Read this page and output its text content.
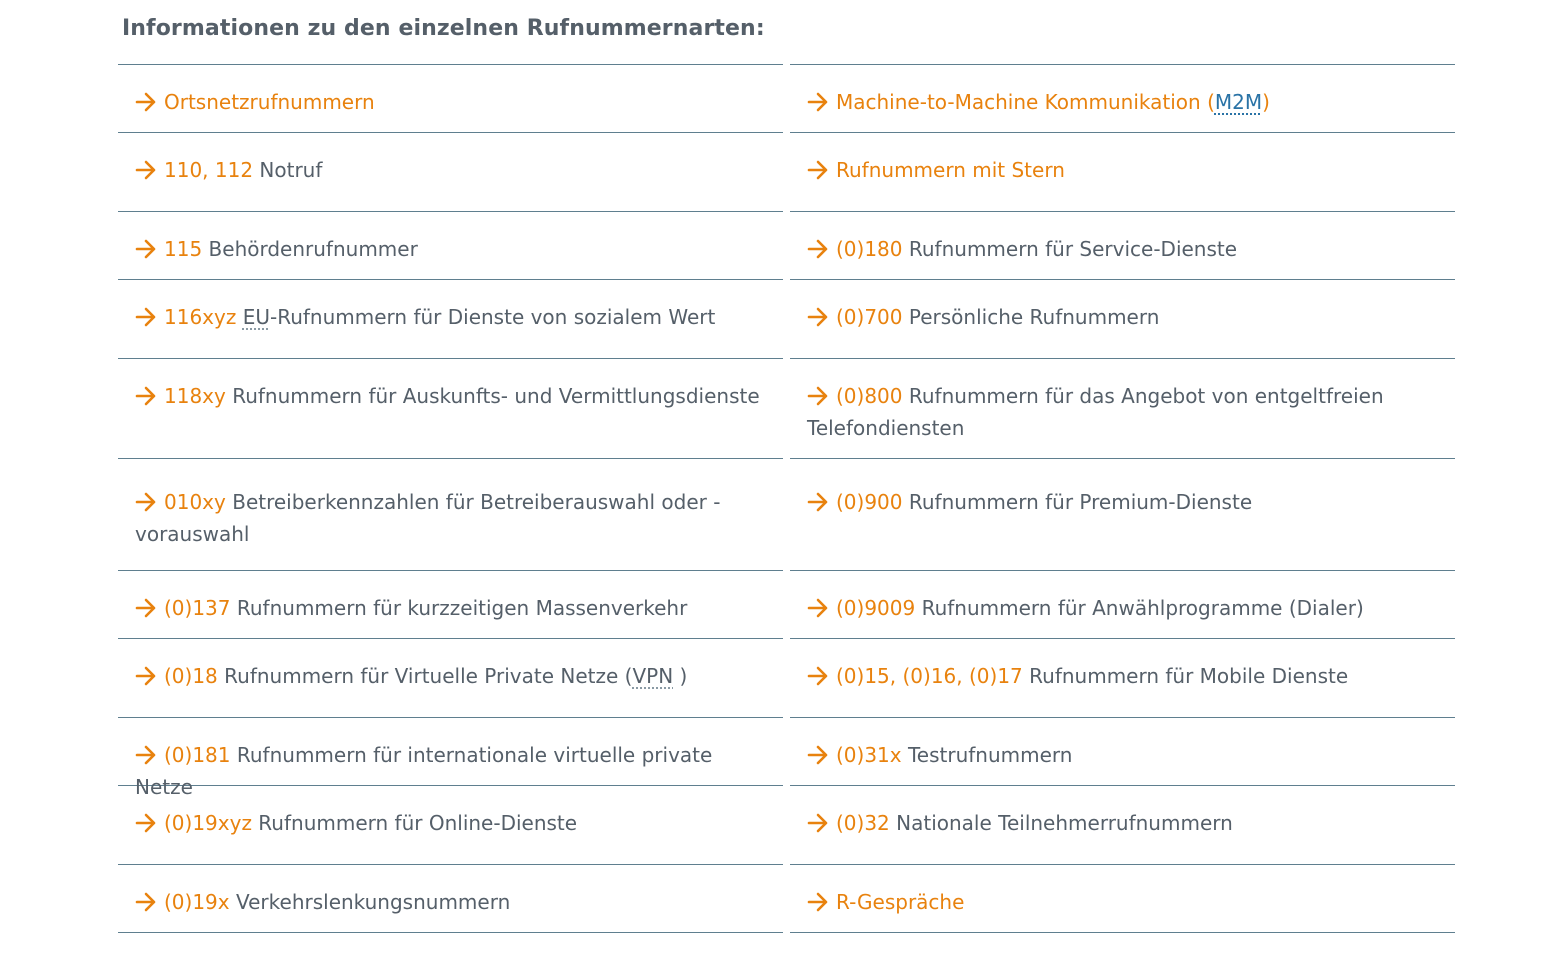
Informationen zu den einzelnen Rufnummernarten:
Ortsnetzrufnummern
110, 112 Notruf
115 Behördenrufnummer
116xyz EU-Rufnummern für Dienste von sozialem Wert
118xy Rufnummern für Auskunfts- und Vermittlungsdienste
010xy Betreiberkennzahlen für Betreiberauswahl oder -vorauswahl
(0)137 Rufnummern für kurzzeitigen Massenverkehr
(0)18 Rufnummern für Virtuelle Private Netze (VPN )
(0)181 Rufnummern für internationale virtuelle private Netze
(0)19xyz Rufnummern für Online-Dienste
(0)19x Verkehrslenkungsnummern
Machine-to-Machine Kommunikation (M2M)
Rufnummern mit Stern
(0)180 Rufnummern für Service-Dienste
(0)700 Persönliche Rufnummern
(0)800 Rufnummern für das Angebot von entgeltfreien Telefondiensten
(0)900 Rufnummern für Premium-Dienste
(0)9009 Rufnummern für Anwählprogramme (Dialer)
(0)15, (0)16, (0)17 Rufnummern für Mobile Dienste
(0)31x Testrufnummern
(0)32 Nationale Teilnehmerrufnummern
R-Gespräche
